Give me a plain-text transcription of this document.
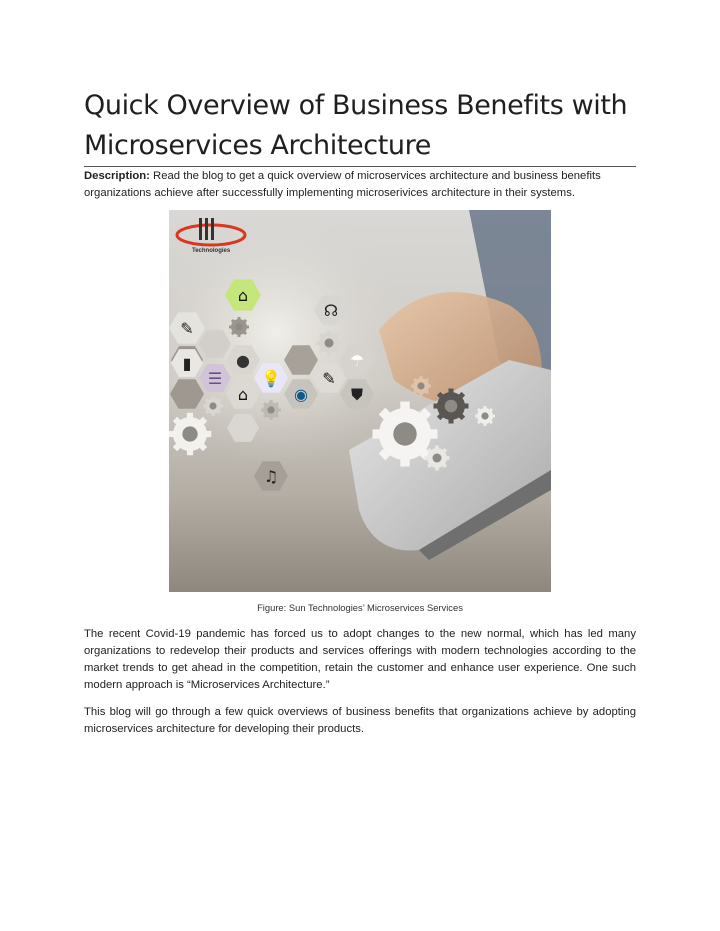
Quick Overview of Business Benefits with Microservices Architecture

Description: Read the blog to get a quick overview of microservices architecture and business benefits organizations achieve after successfully implementing microserivices architecture in their systems.

Technologies
⌂
☊
✎
▮	●	☂
☰ 💡
⌂	◉
✎
⛊
♫

Figure: Sun Technologies’ Microservices Services

The recent Covid-19 pandemic has forced us to adopt changes to the new normal, which has led many organizations to redevelop their products and services offerings with modern technologies according to the market trends to get ahead in the competition, retain the customer and enhance user experience. One such modern approach is “Microservices Architecture.”

This blog will go through a few quick overviews of business benefits that organizations achieve by adopting microservices architecture for developing their products.
